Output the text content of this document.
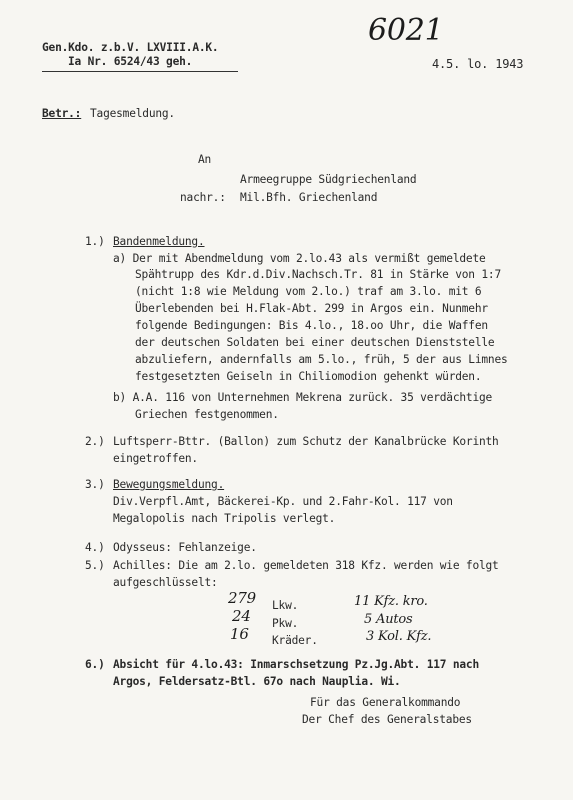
Gen.Kdo. z.b.V. LXVIII.A.K.
Ia Nr. 6524/43 geh.
6021
4.5. lo. 1943
Betr.: Tagesmeldung.
An
Armeegruppe Südgriechenland
nachr.: Mil.Bfh. Griechenland
1.) Bandenmeldung.
a) Der mit Abendmeldung vom 2.lo.43 als vermißt gemeldete
Spähtrupp des Kdr.d.Div.Nachsch.Tr. 81 in Stärke von 1:7
(nicht 1:8 wie Meldung vom 2.lo.) traf am 3.lo. mit 6
Überlebenden bei H.Flak-Abt. 299 in Argos ein. Nunmehr
folgende Bedingungen: Bis 4.lo., 18.oo Uhr, die Waffen
der deutschen Soldaten bei einer deutschen Dienststelle
abzuliefern, andernfalls am 5.lo., früh, 5 der aus Limnes
festgesetzten Geiseln in Chiliomodion gehenkt würden.
b) A.A. 116 von Unternehmen Mekrena zurück. 35 verdächtige
Griechen festgenommen.
2.) Luftsperr-Bttr. (Ballon) zum Schutz der Kanalbrücke Korinth
eingetroffen.
3.) Bewegungsmeldung.
Div.Verpfl.Amt, Bäckerei-Kp. und 2.Fahr-Kol. 117 von
Megalopolis nach Tripolis verlegt.
4.) Odysseus: Fehlanzeige.
5.) Achilles: Die am 2.lo. gemeldeten 318 Kfz. werden wie folgt
aufgeschlüsselt:
279 Lkw.	11 Kfz. kro.
24 Pkw.	5 Autos
16 Kräder.	3 Kol. Kfz.
6.) Absicht für 4.lo.43: Inmarschsetzung Pz.Jg.Abt. 117 nach
Argos, Feldersatz-Btl. 67o nach Nauplia. Wi.
Für das Generalkommando
Der Chef des Generalstabes
